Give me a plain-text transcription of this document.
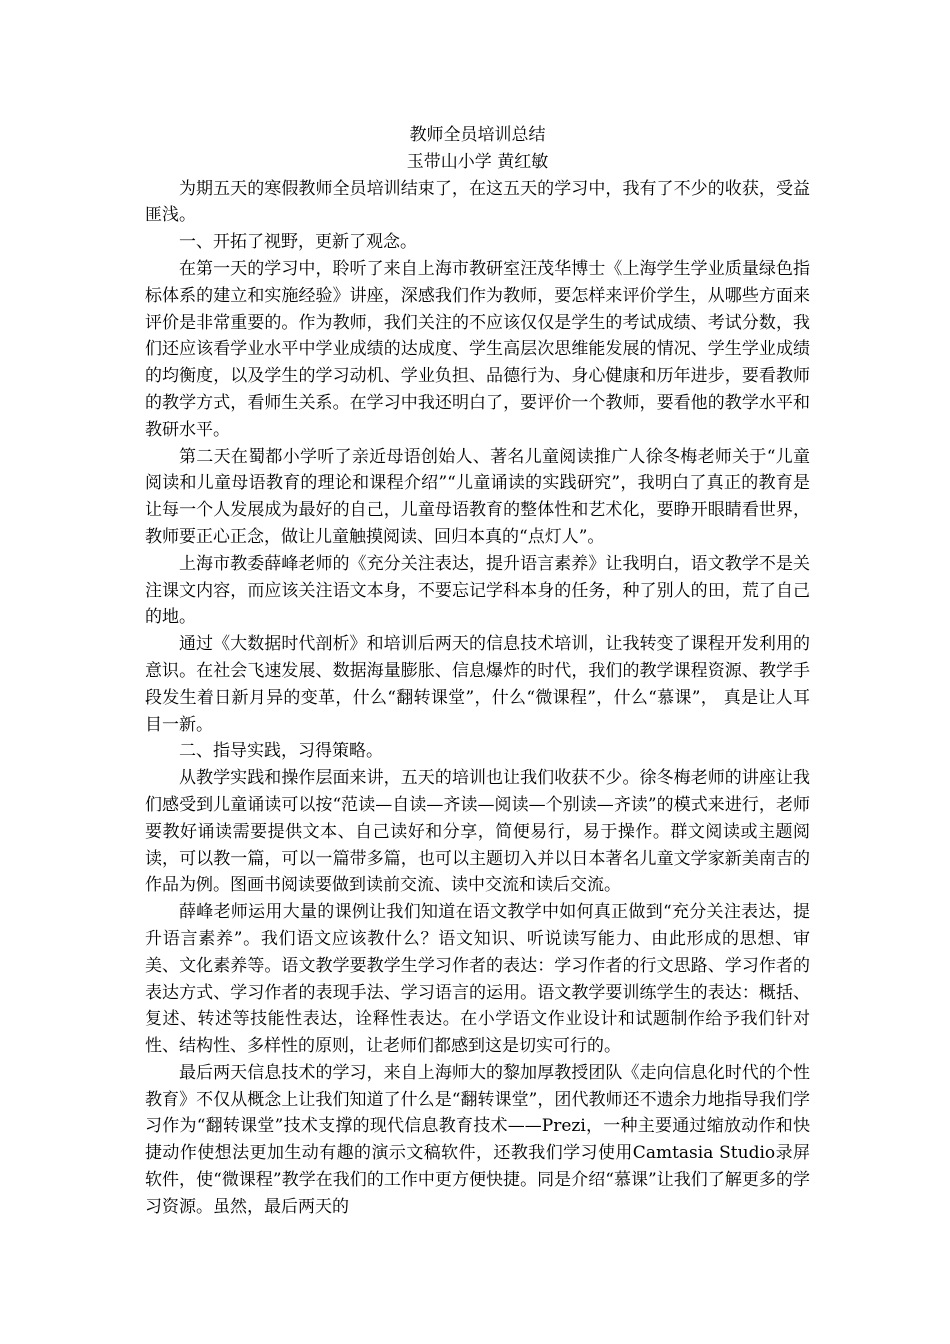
教师全员培训总结

玉带山小学 黄红敏

为期五天的寒假教师全员培训结束了，在这五天的学习中，我有了不少的收获，受益匪浅。

一、开拓了视野，更新了观念。

在第一天的学习中，聆听了来自上海市教研室汪茂华博士《上海学生学业质量绿色指标体系的建立和实施经验》讲座，深感我们作为教师，要怎样来评价学生，从哪些方面来评价是非常重要的。作为教师，我们关注的不应该仅仅是学生的考试成绩、考试分数，我们还应该看学业水平中学业成绩的达成度、学生高层次思维能发展的情况、学生学业成绩的均衡度，以及学生的学习动机、学业负担、品德行为、身心健康和历年进步，要看教师的教学方式，看师生关系。在学习中我还明白了，要评价一个教师，要看他的教学水平和教研水平。

第二天在蜀都小学听了亲近母语创始人、著名儿童阅读推广人徐冬梅老师关于“儿童阅读和儿童母语教育的理论和课程介绍”“儿童诵读的实践研究”，我明白了真正的教育是让每一个人发展成为最好的自己，儿童母语教育的整体性和艺术化，要睁开眼睛看世界，教师要正心正念，做让儿童触摸阅读、回归本真的“点灯人”。

上海市教委薛峰老师的《充分关注表达，提升语言素养》让我明白，语文教学不是关注课文内容，而应该关注语文本身，不要忘记学科本身的任务，种了别人的田，荒了自己的地。

通过《大数据时代剖析》和培训后两天的信息技术培训，让我转变了课程开发利用的意识。在社会飞速发展、数据海量膨胀、信息爆炸的时代，我们的教学课程资源、教学手段发生着日新月异的变革，什么“翻转课堂”，什么“微课程”，什么“慕课”， 真是让人耳目一新。

二、指导实践，习得策略。

从教学实践和操作层面来讲，五天的培训也让我们收获不少。徐冬梅老师的讲座让我们感受到儿童诵读可以按“范读—自读—齐读—阅读—个别读—齐读”的模式来进行，老师要教好诵读需要提供文本、自己读好和分享，简便易行，易于操作。群文阅读或主题阅读，可以教一篇，可以一篇带多篇，也可以主题切入并以日本著名儿童文学家新美南吉的作品为例。图画书阅读要做到读前交流、读中交流和读后交流。

薛峰老师运用大量的课例让我们知道在语文教学中如何真正做到“充分关注表达，提升语言素养”。我们语文应该教什么？语文知识、听说读写能力、由此形成的思想、审美、文化素养等。语文教学要教学生学习作者的表达：学习作者的行文思路、学习作者的表达方式、学习作者的表现手法、学习语言的运用。语文教学要训练学生的表达：概括、复述、转述等技能性表达，诠释性表达。在小学语文作业设计和试题制作给予我们针对性、结构性、多样性的原则，让老师们都感到这是切实可行的。

最后两天信息技术的学习，来自上海师大的黎加厚教授团队《走向信息化时代的个性教育》不仅从概念上让我们知道了什么是“翻转课堂”，团代教师还不遗余力地指导我们学习作为“翻转课堂”技术支撑的现代信息教育技术——Prezi，一种主要通过缩放动作和快捷动作使想法更加生动有趣的演示文稿软件，还教我们学习使用Camtasia Studio录屏软件，使“微课程”教学在我们的工作中更方便快捷。同是介绍“慕课”让我们了解更多的学习资源。虽然，最后两天的
